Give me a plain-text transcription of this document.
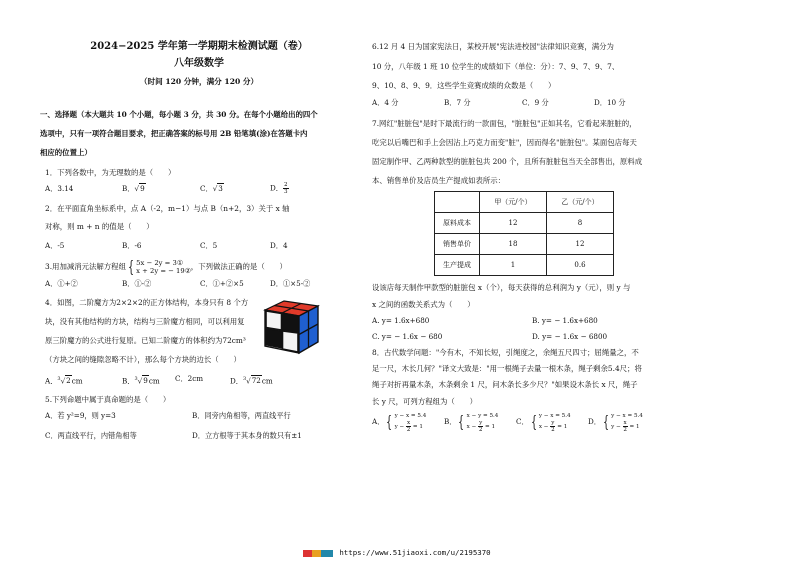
2024−2025 学年第一学期期末检测试题（卷）
八年级数学
（时间 120 分钟，满分 120 分）
一、选择题（本大题共 10 个小题，每小题 3 分，共 30 分。在每个小题给出的四个
选项中，只有一项符合题目要求，把正确答案的标号用 2B 铅笔填(涂)在答题卡内
相应的位置上）
1．下列各数中，为无理数的是（　　）
A．3.14	B．√9	C．√3	D． $\frac{2}{3}$
2．在平面直角坐标系中，点 A（-2，m−1）与点 B（n+2，3）关于 x 轴
对称，则 m + n 的值是（　　）
A．-5	B．-6	C．5	D．4
3.用加减消元法解方程组 { 5x − 2y = 3①
x + 2y = − 19② ，下列做法正确的是（　　）
A．①+②	B．①-②	C．①+②×5	D．①×5-②
4．如图，二阶魔方为2×2×2的正方体结构，本身只有 8 个方
块，没有其他结构的方块，结构与三阶魔方相同，可以利用复
原三阶魔方的公式进行复原。已知二阶魔方的体积约为72cm³
（方块之间的缝隙忽略不计），那么每个方块的边长（　　）
A．$^3$√2cm	B．$^3$√9cm C．2cm	D．$^3$√72cm
5.下列命题中属于真命题的是（　　）
A．若 y²=9，则 y=3	B．同旁内角相等，两直线平行
C．两直线平行，内错角相等	D．立方根等于其本身的数只有±1
6.12 月 4 日为国家宪法日，某校开展"宪法进校园"法律知识竞赛，满分为
10 分，八年级 1 班 10 位学生的成绩如下（单位：分）：7、9、7、9、7、
9、10、8、9、9．这些学生竞赛成绩的众数是（　　）
A．4 分	B．7 分	C．9 分	D．10 分
7.网红"脏脏包"是时下最流行的一款面包，"脏脏包"正如其名，它看起来脏脏的，
吃完以后嘴巴和手上会因沾上巧克力而变"脏"，因而得名"脏脏包"。某面包店每天
固定制作甲、乙两种款型的脏脏包共 200 个，且所有脏脏包当天全部售出，原料成
本、销售单价及店员生产提成如表所示：
	甲（元/个）	乙（元/个）
原料成本	12	8
销售单价	18	12
生产提成	1	0.6
设该店每天制作甲款型的脏脏包 x（个），每天获得的总利润为 y（元），则 y 与
x 之间的函数关系式为（　　）
A. y= 1.6x+680	B. y= − 1.6x+680
C. y= − 1.6x − 680	D. y= − 1.6x − 6800
8．古代数学问题："今有木，不知长短，引绳度之，余绳五尺四寸；屈绳量之，不
足一尺，木长几何？"译文大致是："用一根绳子去量一根木条，绳子剩余5.4尺；将
绳子对折再量木条，木条剩余 1 尺，问木条长多少尺？"如果设木条长 x 尺，绳子
长 y 尺，可列方程组为（　　）
A． { y − x = 5.4
$y - \frac{x}{2} = 1$
B． { x − y = 5.4
$x - \frac{y}{2} = 1$
C． { y − x = 5.4
$x - \frac{y}{2} = 1$
D． { y − x = 5.4
$y - \frac{x}{2} = 1$
https://www.51jiaoxi.com/u/2195370
